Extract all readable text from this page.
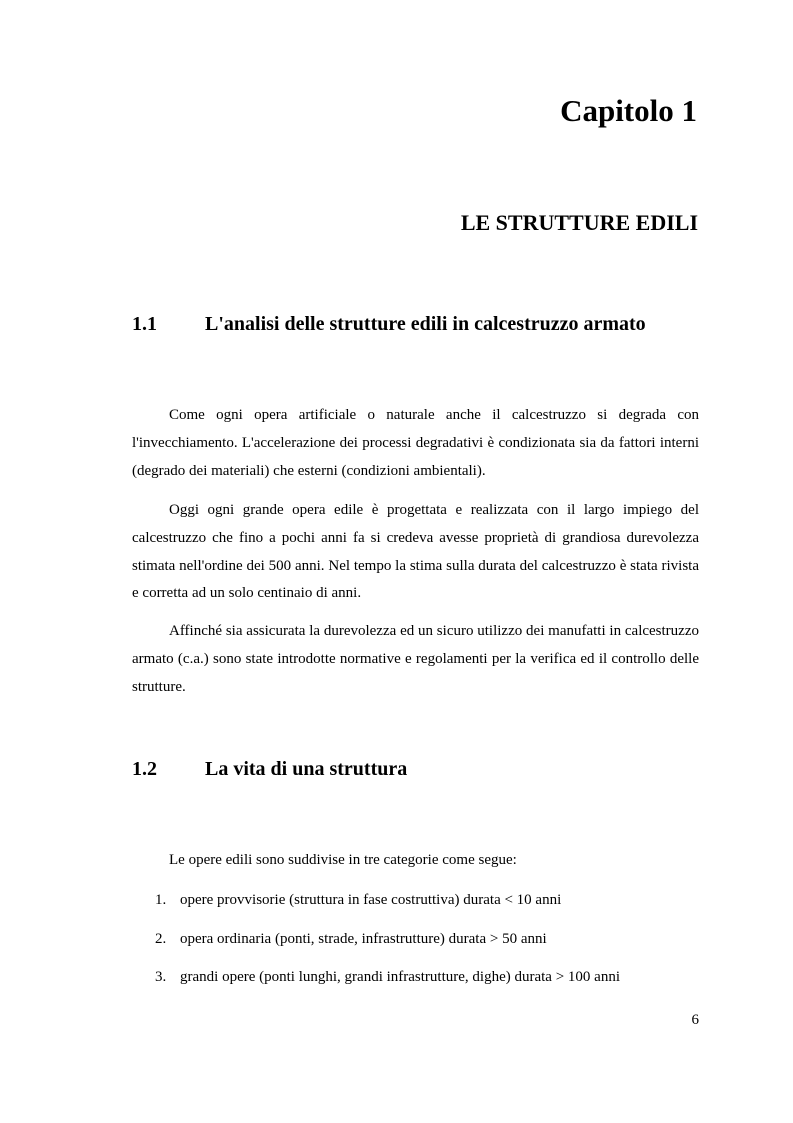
Capitolo 1
LE STRUTTURE EDILI
1.1 L'analisi delle strutture edili in calcestruzzo armato

Come ogni opera artificiale o naturale anche il calcestruzzo si degrada con l'invecchiamento. L'accelerazione dei processi degradativi è condizionata sia da fattori interni (degrado dei materiali) che esterni (condizioni ambientali).

Oggi ogni grande opera edile è progettata e realizzata con il largo impiego del calcestruzzo che fino a pochi anni fa si credeva avesse proprietà di grandiosa durevolezza stimata nell'ordine dei 500 anni. Nel tempo la stima sulla durata del calcestruzzo è stata rivista e corretta ad un solo centinaio di anni.

Affinché sia assicurata la durevolezza ed un sicuro utilizzo dei manufatti in calcestruzzo armato (c.a.) sono state introdotte normative e regolamenti per la verifica ed il controllo delle strutture.

1.2 La vita di una struttura

Le opere edili sono suddivise in tre categorie come segue:

1. opere provvisorie (struttura in fase costruttiva) durata < 10 anni
2. opera ordinaria (ponti, strade, infrastrutture) durata > 50 anni
3. grandi opere (ponti lunghi, grandi infrastrutture, dighe) durata > 100 anni

6
